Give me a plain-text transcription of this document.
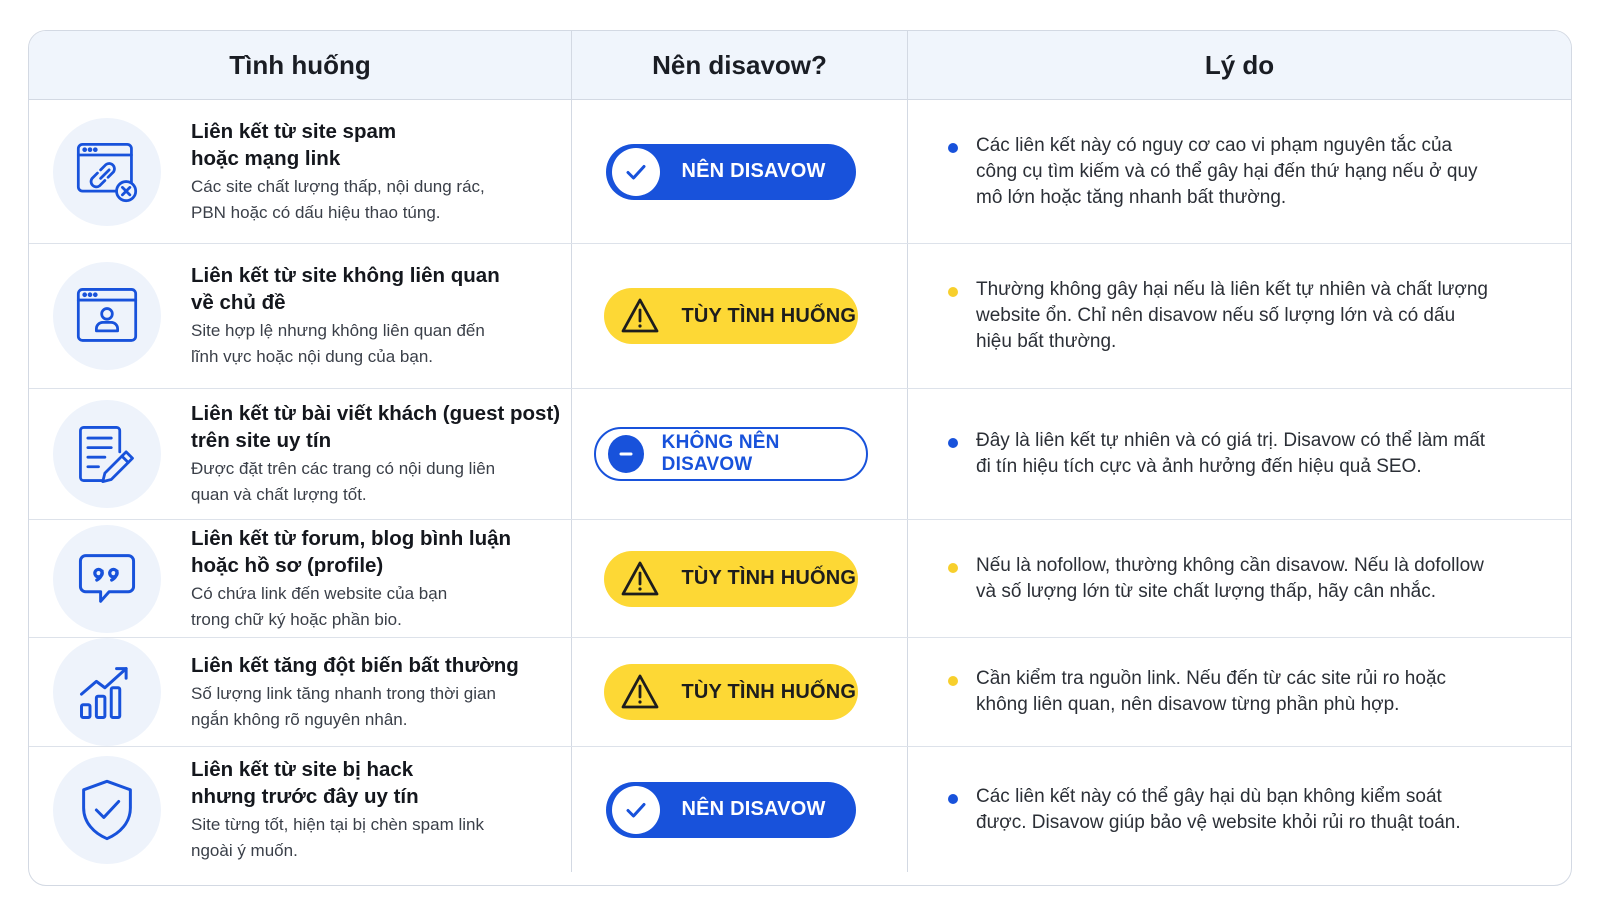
Tình huống	Nên disavow?	Lý do
Liên kết từ site spam
hoặc mạng link
Các site chất lượng thấp, nội dung rác,
PBN hoặc có dấu hiệu thao túng.
NÊN DISAVOW
Các liên kết này có nguy cơ cao vi phạm nguyên tắc của
công cụ tìm kiếm và có thể gây hại đến thứ hạng nếu ở quy
mô lớn hoặc tăng nhanh bất thường.
Liên kết từ site không liên quan
về chủ đề
Site hợp lệ nhưng không liên quan đến
lĩnh vực hoặc nội dung của bạn.
TÙY TÌNH HUỐNG
Thường không gây hại nếu là liên kết tự nhiên và chất lượng
website ổn. Chỉ nên disavow nếu số lượng lớn và có dấu
hiệu bất thường.
Liên kết từ bài viết khách (guest post)
trên site uy tín
Được đặt trên các trang có nội dung liên
quan và chất lượng tốt.
KHÔNG NÊN DISAVOW
Đây là liên kết tự nhiên và có giá trị. Disavow có thể làm mất
đi tín hiệu tích cực và ảnh hưởng đến hiệu quả SEO.
Liên kết từ forum, blog bình luận
hoặc hồ sơ (profile)
Có chứa link đến website của bạn
trong chữ ký hoặc phần bio.
TÙY TÌNH HUỐNG
Nếu là nofollow, thường không cần disavow. Nếu là dofollow
và số lượng lớn từ site chất lượng thấp, hãy cân nhắc.
Liên kết tăng đột biến bất thường
Số lượng link tăng nhanh trong thời gian
ngắn không rõ nguyên nhân.
TÙY TÌNH HUỐNG
Cần kiểm tra nguồn link. Nếu đến từ các site rủi ro hoặc
không liên quan, nên disavow từng phần phù hợp.
Liên kết từ site bị hack
nhưng trước đây uy tín
Site từng tốt, hiện tại bị chèn spam link
ngoài ý muốn.
NÊN DISAVOW
Các liên kết này có thể gây hại dù bạn không kiểm soát
được. Disavow giúp bảo vệ website khỏi rủi ro thuật toán.
